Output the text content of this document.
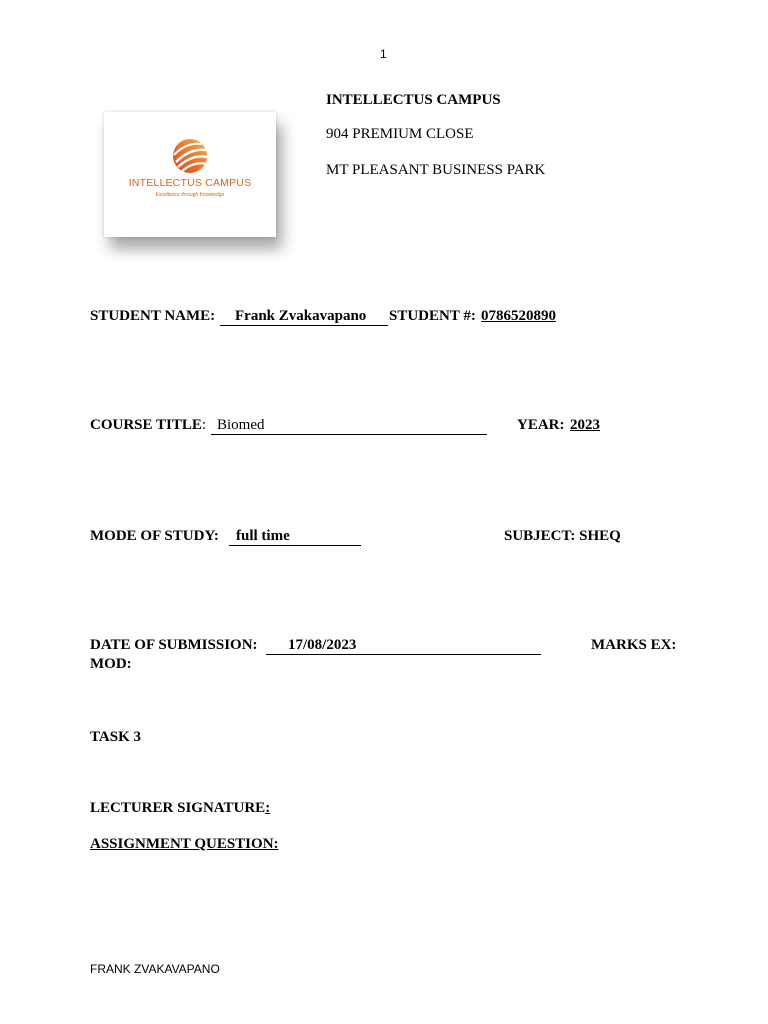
1
INTELLECTUS CAMPUS
Excellence through Knowledge
INTELLECTUS CAMPUS
904 PREMIUM CLOSE
MT PLEASANT BUSINESS PARK
STUDENT NAME:	Frank Zvakavapano	STUDENT #: 0786520890
COURSE TITLE: Biomed	YEAR: 2023
MODE OF STUDY:	full time	SUBJECT: SHEQ
DATE OF SUBMISSION:	17/08/2023	MARKS EX:
MOD:
TASK 3
LECTURER SIGNATURE:
ASSIGNMENT QUESTION:
FRANK ZVAKAVAPANO
